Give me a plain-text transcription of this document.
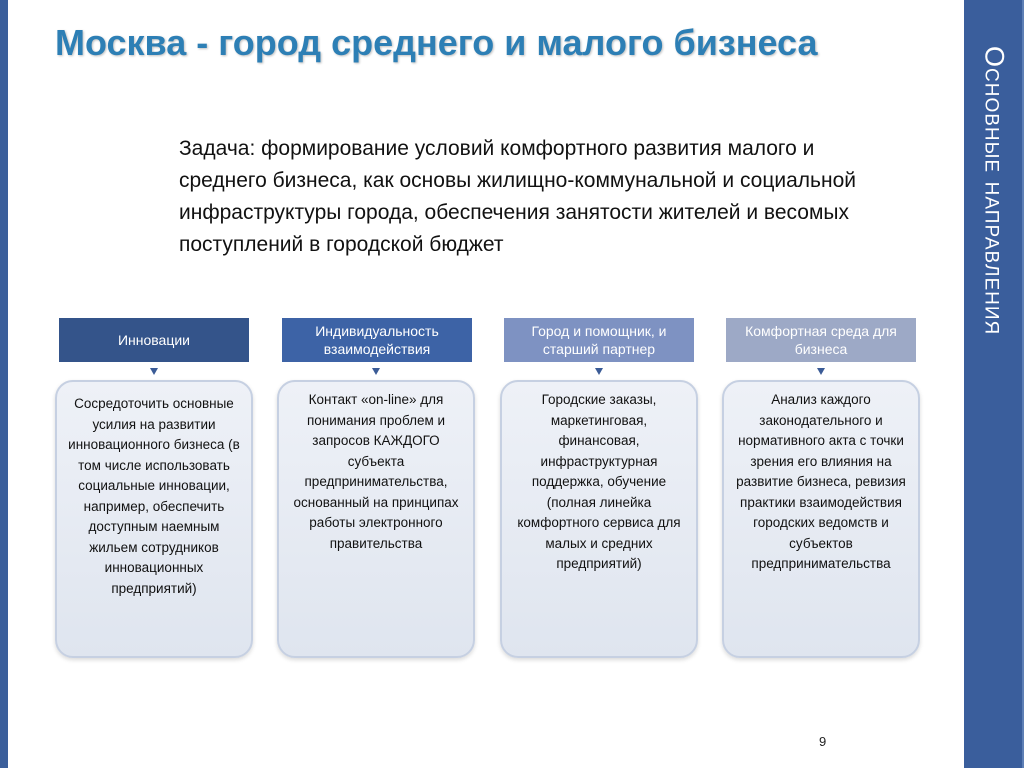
Основные направления
Москва - город среднего и малого бизнеса
Задача: формирование условий комфортного развития малого и среднего бизнеса, как основы жилищно-коммунальной и социальной инфраструктуры города, обеспечения занятости жителей и весомых поступлений в городской бюджет
Инновации
Индивидуальность взаимодействия
Город и помощник, и старший партнер
Комфортная среда для бизнеса
Сосредоточить основные усилия на развитии инновационного бизнеса (в том числе использовать социальные инновации, например, обеспечить доступным наемным жильем сотрудников инновационных предприятий)
Контакт «on-line» для понимания проблем и запросов КАЖДОГО субъекта предпринимательства, основанный на принципах работы электронного правительства
Городские заказы, маркетинговая, финансовая, инфраструктурная поддержка, обучение (полная линейка комфортного сервиса для малых и средних предприятий)
Анализ каждого законодательного и нормативного акта с точки зрения его влияния на развитие бизнеса, ревизия практики взаимодействия городских ведомств и субъектов предпринимательства
9
